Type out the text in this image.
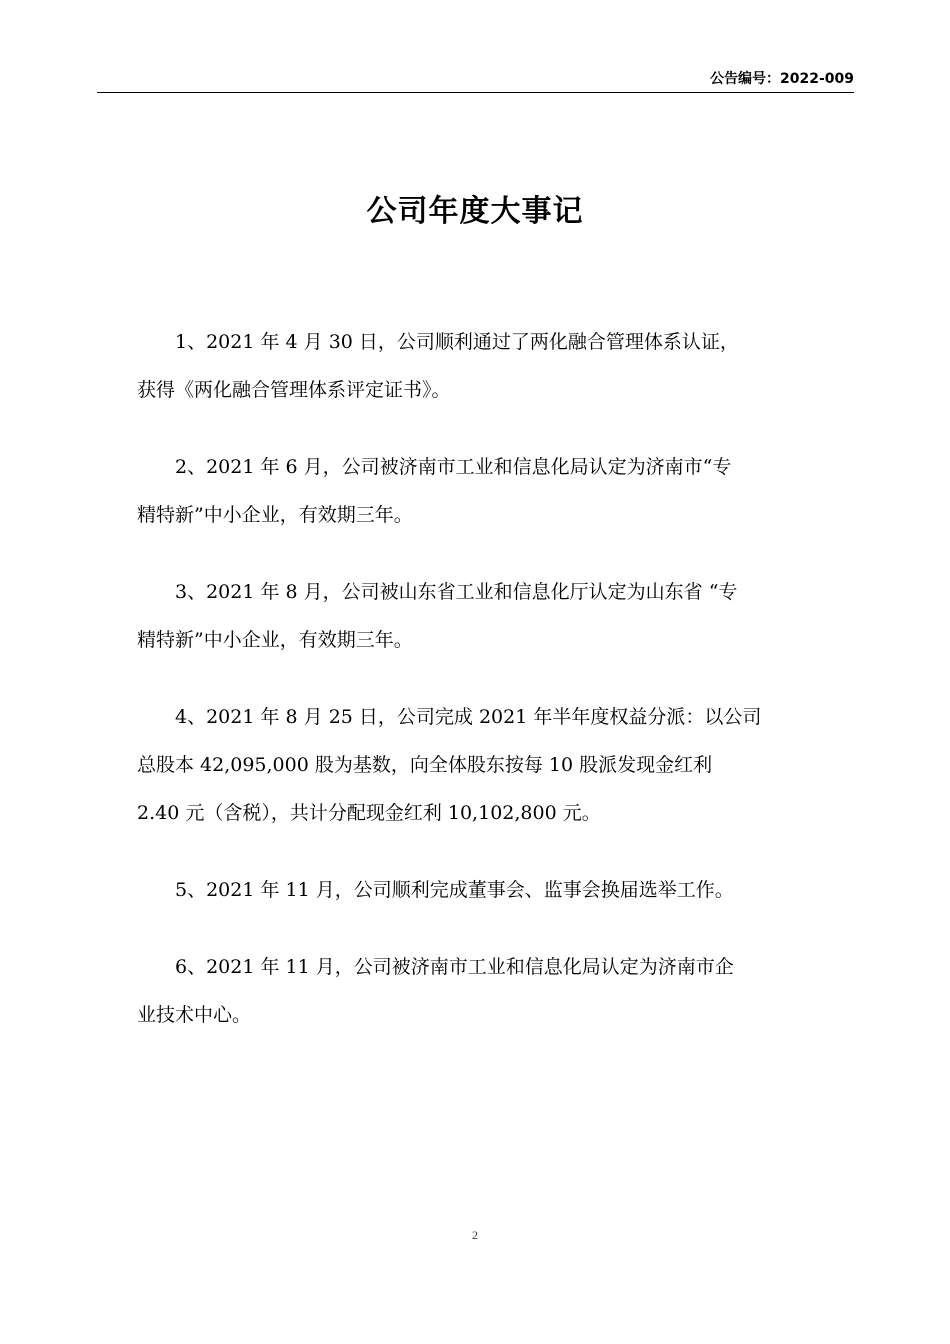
公告编号：2022-009
公司年度大事记

1、2021 年 4 月 30 日，公司顺利通过了两化融合管理体系认证，
获得《两化融合管理体系评定证书》。

2、2021 年 6 月，公司被济南市工业和信息化局认定为济南市“专
精特新”中小企业，有效期三年。

3、2021 年 8 月，公司被山东省工业和信息化厅认定为山东省 “专
精特新”中小企业，有效期三年。

4、2021 年 8 月 25 日，公司完成 2021 年半年度权益分派：以公司
总股本 42,095,000 股为基数，向全体股东按每 10 股派发现金红利
2.40 元（含税），共计分配现金红利 10,102,800 元。

5、2021 年 11 月，公司顺利完成董事会、监事会换届选举工作。

6、2021 年 11 月，公司被济南市工业和信息化局认定为济南市企
业技术中心。

2
